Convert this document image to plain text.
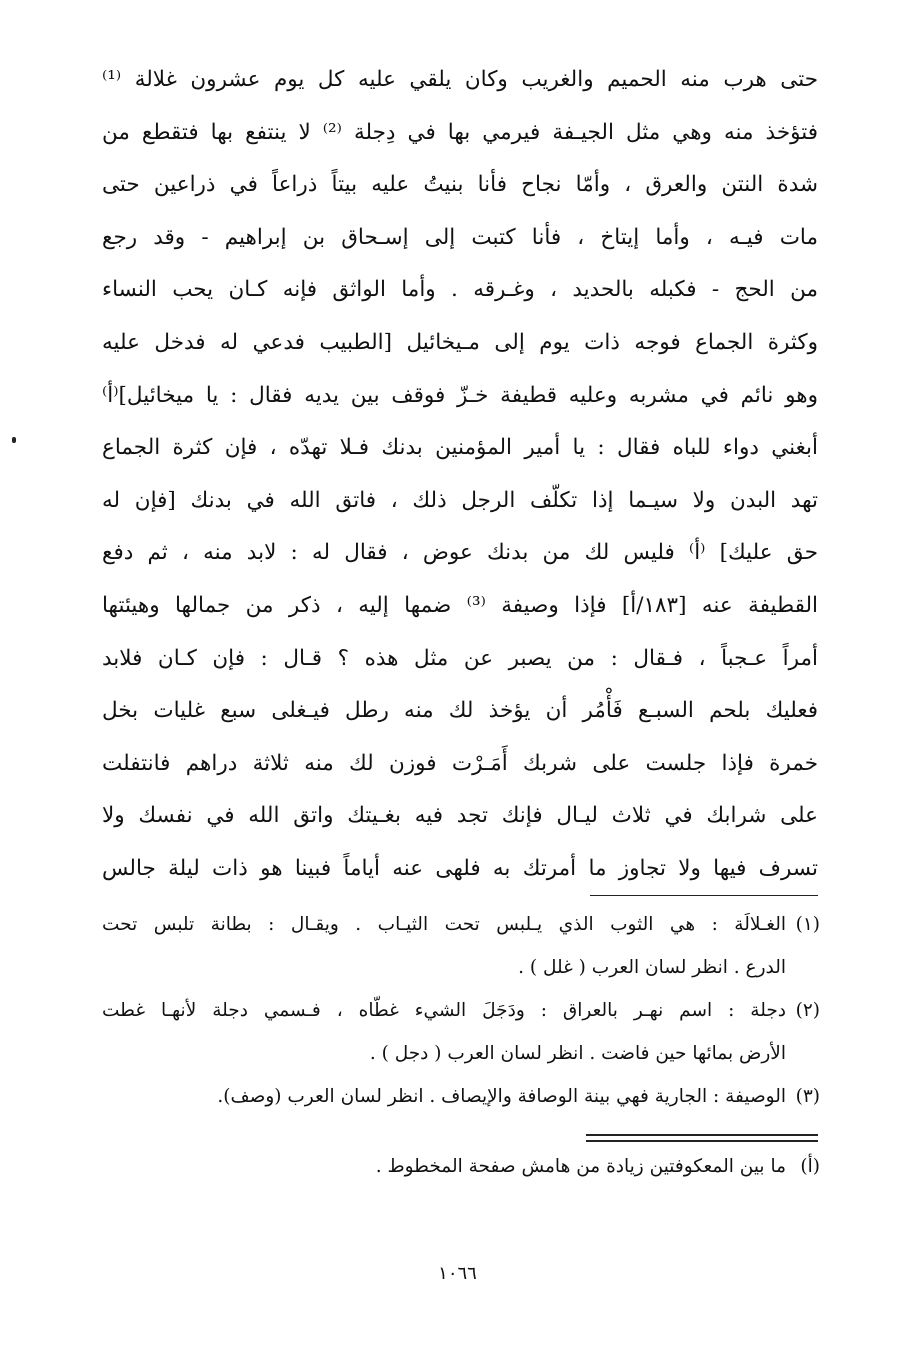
حتى هرب منه الحميم والغريب وكان يلقي عليه كل يوم عشرون غلالة ⁽¹⁾
فتؤخذ منه وهي مثل الجيـفة فيرمي بها في دِجلة ⁽²⁾ لا ينتفع بها فتقطع من
شدة النتن والعرق ، وأمّا نجاح فأنا بنيتُ عليه بيتاً ذراعاً في ذراعين حتى
مات فيـه ، وأما إيتاخ ، فأنا كتبت إلى إسـحاق بن إبراهيم - وقد رجع
من الحج - فكبله بالحديد ، وغـرقه . وأما الواثق فإنه كـان يحب النساء
وكثرة الجماع فوجه ذات يوم إلى مـيخائيل [الطبيب فدعي له فدخل عليه
وهو نائم في مشربه وعليه قطيفة خـزّ فوقف بين يديه فقال : يا ميخائيل]⁽أ⁾
أبغني دواء للباه فقال : يا أمير المؤمنين بدنك فـلا تهدّه ، فإن كثرة الجماع
تهد البدن ولا سيـما إذا تكلّف الرجل ذلك ، فاتق الله في بدنك [فإن له
حق عليك] ⁽أ⁾ فليس لك من بدنك عوض ، فقال له : لابد منه ، ثم دفع
القطيفة عنه [١٨٣/أ] فإذا وصيفة ⁽³⁾ ضمها إليه ، ذكر من جمالها وهيئتها
أمراً عـجباً ، فـقال : من يصبر عن مثل هذه ؟ قـال : فإن كـان فلابد
فعليك بلحم السبـع فَأْمُر أن يؤخذ لك منه رطل فيـغلى سبع غليات بخل
خمرة فإذا جلست على شربك أَمَـرْت فوزن لك منه ثلاثة دراهم فانتفلت
على شرابك في ثلاث ليـال فإنك تجد فيه بغـيتك واتق الله في نفسك ولا
تسرف فيها ولا تجاوز ما أمرتك به فلهى عنه أياماً فبينا هو ذات ليلة جالس
(١)
الغـلالَة : هي الثوب الذي يـلبس تحت الثيـاب . ويقـال : بطانة تلبس تحت
الدرع . انظر لسان العرب ( غلل ) .
(٢)
دجلة : اسم نهـر بالعراق : ودَجَلَ الشيء غطّاه ، فـسمي دجلة لأنهـا غطت
الأرض بمائها حين فاضت . انظر لسان العرب ( دجل ) .
(٣)
الوصيفة : الجارية فهي بينة الوصافة والإيصاف . انظر لسان العرب (وصف).
(أ)
ما بين المعكوفتين زيادة من هامش صفحة المخطوط .
١٠٦٦
